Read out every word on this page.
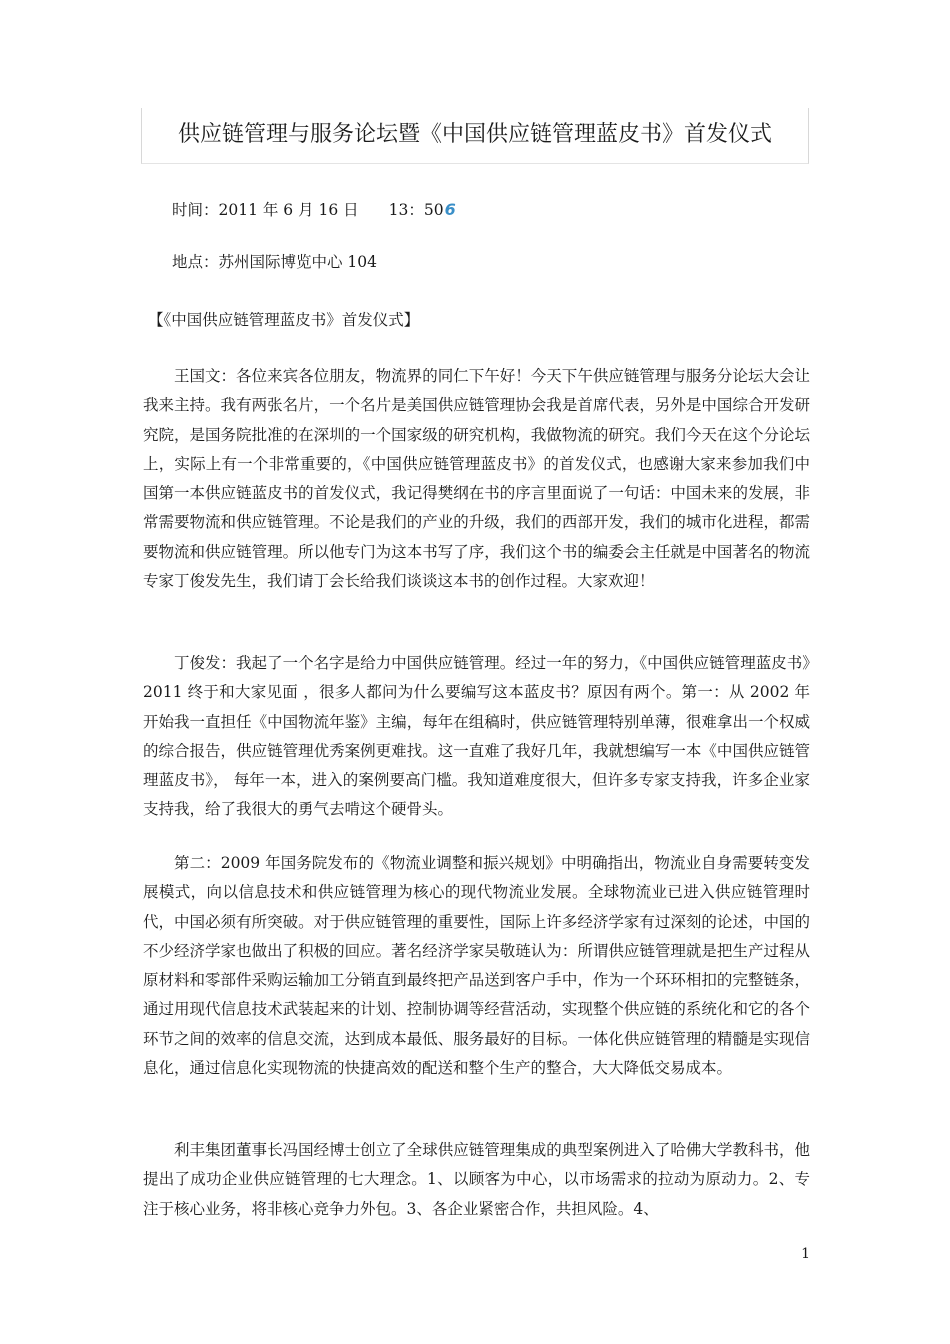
供应链管理与服务论坛暨《中国供应链管理蓝皮书》首发仪式
时间：2011 年 6 月 16 日 13：506
地点：苏州国际博览中心 104
【《中国供应链管理蓝皮书》首发仪式】

王国文：各位来宾各位朋友，物流界的同仁下午好！今天下午供应链管理与服务分论坛大会让我来主持。我有两张名片，一个名片是美国供应链管理协会我是首席代表，另外是中国综合开发研究院，是国务院批准的在深圳的一个国家级的研究机构，我做物流的研究。我们今天在这个分论坛上，实际上有一个非常重要的，《中国供应链管理蓝皮书》的首发仪式，也感谢大家来参加我们中国第一本供应链蓝皮书的首发仪式，我记得樊纲在书的序言里面说了一句话：中国未来的发展，非常需要物流和供应链管理。不论是我们的产业的升级，我们的西部开发，我们的城市化进程，都需要物流和供应链管理。所以他专门为这本书写了序，我们这个书的编委会主任就是中国著名的物流专家丁俊发先生，我们请丁会长给我们谈谈这本书的创作过程。大家欢迎！

丁俊发：我起了一个名字是给力中国供应链管理。经过一年的努力，《中国供应链管理蓝皮书》2011 终于和大家见面 ，很多人都问为什么要编写这本蓝皮书？原因有两个。第一：从 2002 年开始我一直担任《中国物流年鉴》主编，每年在组稿时，供应链管理特别单薄，很难拿出一个权威的综合报告，供应链管理优秀案例更难找。这一直难了我好几年，我就想编写一本《中国供应链管理蓝皮书》， 每年一本，进入的案例要高门槛。我知道难度很大，但许多专家支持我，许多企业家支持我，给了我很大的勇气去啃这个硬骨头。

第二：2009 年国务院发布的《物流业调整和振兴规划》中明确指出，物流业自身需要转变发展模式，向以信息技术和供应链管理为核心的现代物流业发展。全球物流业已进入供应链管理时代，中国必须有所突破。对于供应链管理的重要性，国际上许多经济学家有过深刻的论述，中国的不少经济学家也做出了积极的回应。著名经济学家吴敬琏认为：所谓供应链管理就是把生产过程从原材料和零部件采购运输加工分销直到最终把产品送到客户手中，作为一个环环相扣的完整链条，通过用现代信息技术武装起来的计划、控制协调等经营活动，实现整个供应链的系统化和它的各个环节之间的效率的信息交流，达到成本最低、服务最好的目标。一体化供应链管理的精髓是实现信息化，通过信息化实现物流的快捷高效的配送和整个生产的整合，大大降低交易成本。

利丰集团董事长冯国经博士创立了全球供应链管理集成的典型案例进入了哈佛大学教科书，他提出了成功企业供应链管理的七大理念。1、以顾客为中心，以市场需求的拉动为原动力。2、专注于核心业务，将非核心竞争力外包。3、各企业紧密合作，共担风险。4、

1
